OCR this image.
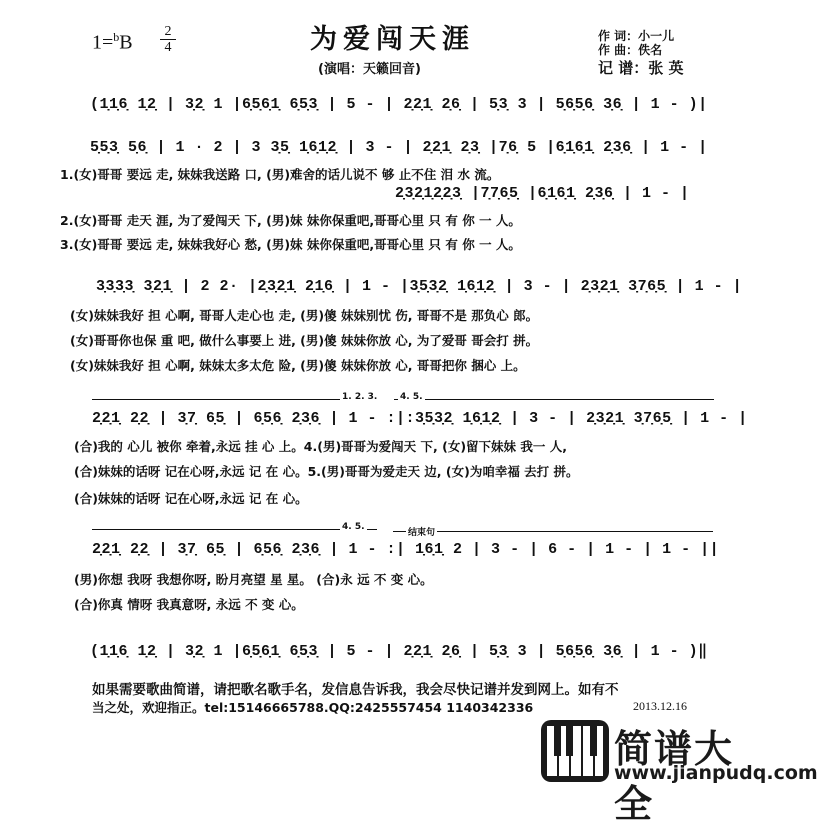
1=$^b$B
2
4	为爱闯天涯
(演唱：天籁回音)
作 词：小一儿
作 曲：佚名
记 谱：张 英
(1̣1̣6̣ 1̣2̣ | 3̣2̣ 1 |6̣5̣6̣1̣ 6̣5̣3̣ | 5 - | 2̣2̣1̣ 2̣6̣ | 5̣3̣ 3 | 5̣6̣5̣6̣ 3̣6̣ | 1 - )|
5̣5̣3̣ 5̣6̣ | 1 · 2 | 3 3̣5̣ 1̣6̣1̣2̣ | 3 - | 2̣2̣1̣ 2̣3̣ |7̣6̣ 5 |6̣1̣6̣1̣ 2̣3̣6̣ | 1 - |
1.(女)哥哥 要远 走, 妹妹我送路 口, (男)难舍的话儿说不 够 止不住 泪 水 流。
2̣3̣2̣1̣2̣2̣3̣ |7̣7̣6̣5̣ |6̣1̣6̣1̣ 2̣3̣6̣ | 1 - |
2.(女)哥哥 走天 涯, 为了爱闯天 下, (男)妹 妹你保重吧,哥哥心里 只 有 你 一 人。
3.(女)哥哥 要远 走, 妹妹我好心 愁, (男)妹 妹你保重吧,哥哥心里 只 有 你 一 人。
3̣3̣3̣3̣ 3̣2̣1̣ | 2 2· |2̣3̣2̣1̣ 2̣1̣6̣ | 1 - |3̣5̣3̣2̣ 1̣6̣1̣2̣ | 3 - | 2̣3̣2̣1̣ 3̣7̣6̣5̣ | 1 - |
(女)妹妹我好 担 心啊, 哥哥人走心也 走, (男)傻 妹妹别忧 伤, 哥哥不是 那负心 郎。
(女)哥哥你也保 重 吧, 做什么事要上 进, (男)傻 妹妹你放 心, 为了爱哥 哥会打 拼。
(女)妹妹我好 担 心啊, 妹妹太多太危 险, (男)傻 妹妹你放 心, 哥哥把你 捆心 上。
1. 2. 3.	4. 5.
2̣2̣1̣ 2̣2̣ | 3̣7̣ 6̣5̣ | 6̣5̣6̣ 2̣3̣6̣ | 1 - :|:3̣5̣3̣2̣ 1̣6̣1̣2̣ | 3 - | 2̣3̣2̣1̣ 3̣7̣6̣5̣ | 1 - |
(合)我的 心儿 被你 牵着,永远 挂 心 上。4.(男)哥哥为爱闯天 下, (女)留下妹妹 我一 人,
(合)妹妹的话呀 记在心呀,永远 记 在 心。5.(男)哥哥为爱走天 边, (女)为咱幸福 去打 拼。
(合)妹妹的话呀 记在心呀,永远 记 在 心。
4. 5.
结束句
2̣2̣1̣ 2̣2̣ | 3̣7̣ 6̣5̣ | 6̣5̣6̣ 2̣3̣6̣ | 1 - :| 1̣6̣1̣ 2 | 3 - | 6 - | 1 - | 1 - ||
(男)你想 我呀 我想你呀, 盼月亮望 星 星。 (合)永 远 不 变 心。
(合)你真 情呀 我真意呀, 永远 不 变 心。
(1̣1̣6̣ 1̣2̣ | 3̣2̣ 1 |6̣5̣6̣1̣ 6̣5̣3̣ | 5 - | 2̣2̣1̣ 2̣6̣ | 5̣3̣ 3 | 5̣6̣5̣6̣ 3̣6̣ | 1 - )‖
如果需要歌曲简谱，请把歌名歌手名，发信息告诉我，我会尽快记谱并发到网上。如有不
当之处，欢迎指正。tel:15146665788.QQ:2425557454 1140342336	2013.12.16
简谱大全
www.jianpudq.com
